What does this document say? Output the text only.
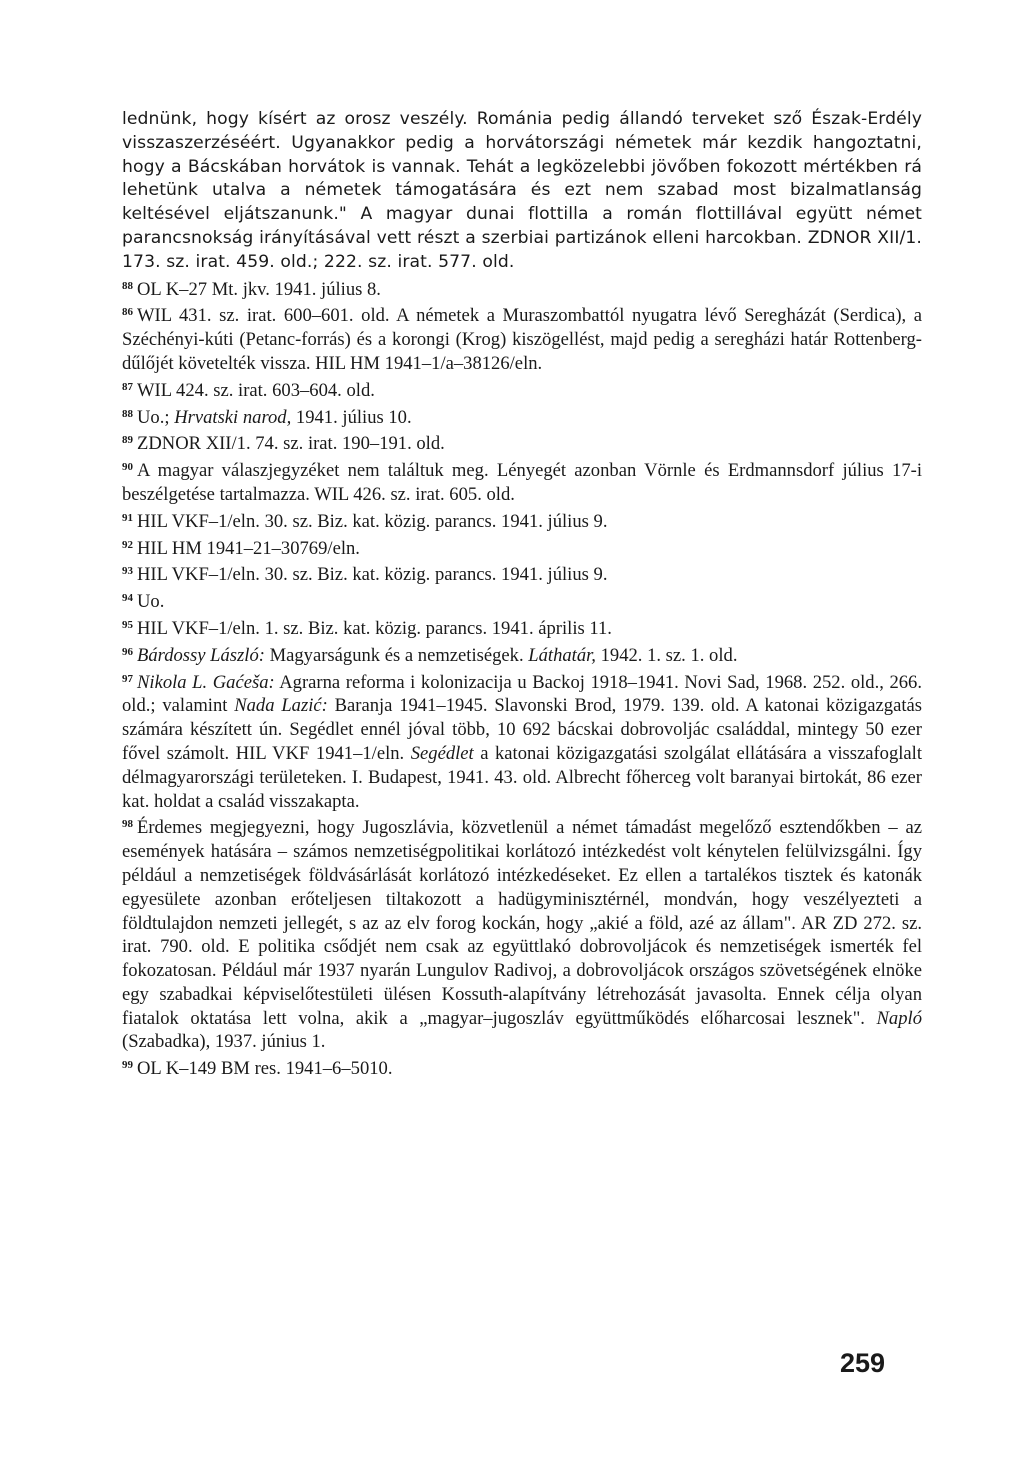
lednünk, hogy kísért az orosz veszély. Románia pedig állandó terveket sző Észak-Erdély visszaszerzéséért. Ugyanakkor pedig a horvátországi németek már kezdik hangoztatni, hogy a Bácskában horvátok is vannak. Tehát a legközelebbi jövőben fokozott mértékben rá lehetünk utalva a németek támogatására és ezt nem szabad most bizalmatlanság keltésével eljátszanunk." A magyar dunai flottilla a román flottillával együtt német parancsnokság irányításával vett részt a szerbiai partizánok elleni harcokban. ZDNOR XII/1. 173. sz. irat. 459. old.; 222. sz. irat. 577. old.

$^{88}$ OL K–27 Mt. jkv. 1941. július 8.

$^{86}$ WIL 431. sz. irat. 600–601. old. A németek a Muraszombattól nyugatra lévő Seregházát (Serdica), a Széchényi-kúti (Petanc-forrás) és a korongi (Krog) kiszögellést, majd pedig a seregházi határ Rottenberg-dűlőjét követelték vissza. HIL HM 1941–1/a–38126/eln.

$^{87}$ WIL 424. sz. irat. 603–604. old.

$^{88}$ Uo.; Hrvatski narod, 1941. július 10.

$^{89}$ ZDNOR XII/1. 74. sz. irat. 190–191. old.

$^{90}$ A magyar válaszjegyzéket nem találtuk meg. Lényegét azonban Vörnle és Erdmannsdorf július 17-i beszélgetése tartalmazza. WIL 426. sz. irat. 605. old.

$^{91}$ HIL VKF–1/eln. 30. sz. Biz. kat. közig. parancs. 1941. július 9.

$^{92}$ HIL HM 1941–21–30769/eln.

$^{93}$ HIL VKF–1/eln. 30. sz. Biz. kat. közig. parancs. 1941. július 9.

$^{94}$ Uo.

$^{95}$ HIL VKF–1/eln. 1. sz. Biz. kat. közig. parancs. 1941. április 11.

$^{96}$ Bárdossy László: Magyarságunk és a nemzetiségek. Láthatár, 1942. 1. sz. 1. old.

$^{97}$ Nikola L. Gaćeša: Agrarna reforma i kolonizacija u Backoj 1918–1941. Novi Sad, 1968. 252. old., 266. old.; valamint Nada Lazić: Baranja 1941–1945. Slavonski Brod, 1979. 139. old. A katonai közigazgatás számára készített ún. Segédlet ennél jóval több, 10 692 bácskai dobrovoljác családdal, mintegy 50 ezer fővel számolt. HIL VKF 1941–1/eln. Segédlet a katonai közigazgatási szolgálat ellátására a visszafoglalt délmagyarországi területeken. I. Budapest, 1941. 43. old. Albrecht főherceg volt baranyai birtokát, 86 ezer kat. holdat a család visszakapta.

$^{98}$ Érdemes megjegyezni, hogy Jugoszlávia, közvetlenül a német támadást megelőző esztendőkben – az események hatására – számos nemzetiségpolitikai korlátozó intézkedést volt kénytelen felülvizsgálni. Így például a nemzetiségek földvásárlását korlátozó intézkedéseket. Ez ellen a tartalékos tisztek és katonák egyesülete azonban erőteljesen tiltakozott a hadügyminisztérnél, mondván, hogy veszélyezteti a földtulajdon nemzeti jellegét, s az az elv forog kockán, hogy „akié a föld, azé az állam". AR ZD 272. sz. irat. 790. old. E politika csődjét nem csak az együttlakó dobrovoljácok és nemzetiségek ismerték fel fokozatosan. Például már 1937 nyarán Lungulov Radivoj, a dobrovoljácok országos szövetségének elnöke egy szabadkai képviselőtestületi ülésen Kossuth-alapítvány létrehozását javasolta. Ennek célja olyan fiatalok oktatása lett volna, akik a „magyar–jugoszláv együttműködés előharcosai lesznek". Napló (Szabadka), 1937. június 1.

$^{99}$ OL K–149 BM res. 1941–6–5010.

259
